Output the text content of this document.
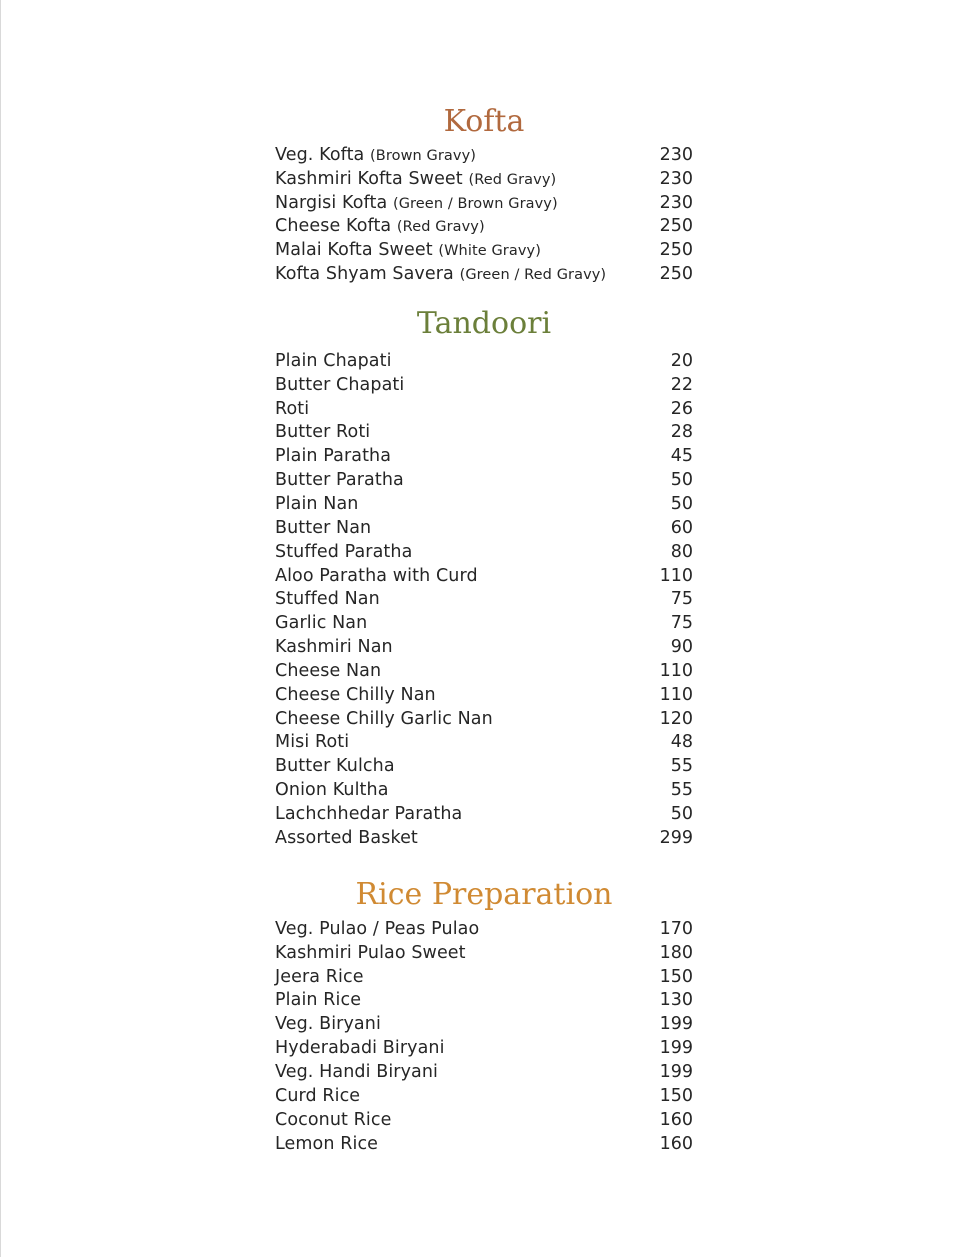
Kofta
Veg. Kofta (Brown Gravy)	230
Kashmiri Kofta Sweet (Red Gravy)	230
Nargisi Kofta (Green / Brown Gravy)	230
Cheese Kofta (Red Gravy)	250
Malai Kofta Sweet (White Gravy)	250
Kofta Shyam Savera (Green / Red Gravy)	250
Tandoori
Plain Chapati	20
Butter Chapati	22
Roti	26
Butter Roti	28
Plain Paratha	45
Butter Paratha	50
Plain Nan	50
Butter Nan	60
Stuffed Paratha	80
Aloo Paratha with Curd	110
Stuffed Nan	75
Garlic Nan	75
Kashmiri Nan	90
Cheese Nan	110
Cheese Chilly Nan	110
Cheese Chilly Garlic Nan	120
Misi Roti	48
Butter Kulcha	55
Onion Kultha	55
Lachchhedar Paratha	50
Assorted Basket	299
Rice Preparation
Veg. Pulao / Peas Pulao	170
Kashmiri Pulao Sweet	180
Jeera Rice	150
Plain Rice	130
Veg. Biryani	199
Hyderabadi Biryani	199
Veg. Handi Biryani	199
Curd Rice	150
Coconut Rice	160
Lemon Rice	160
